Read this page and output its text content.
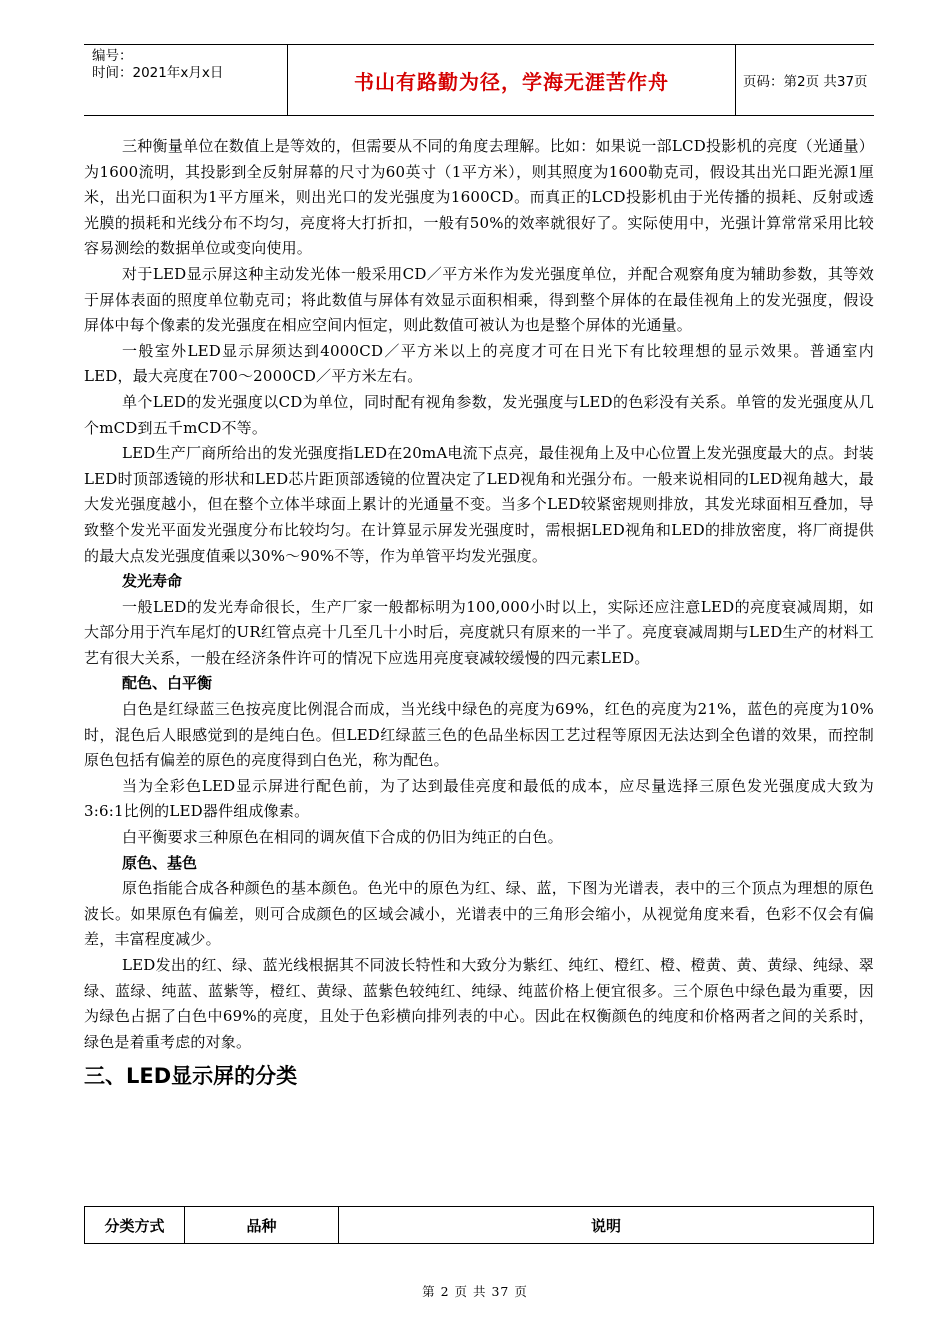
编号：
时间：2021年x月x日	书山有路勤为径，学海无涯苦作舟	页码：第2页 共37页

三种衡量单位在数值上是等效的，但需要从不同的角度去理解。比如：如果说一部LCD投影机的亮度（光通量）为1600流明，其投影到全反射屏幕的尺寸为60英寸（1平方米），则其照度为1600勒克司，假设其出光口距光源1厘米，出光口面积为1平方厘米，则出光口的发光强度为1600CD。而真正的LCD投影机由于光传播的损耗、反射或透光膜的损耗和光线分布不均匀，亮度将大打折扣，一般有50%的效率就很好了。实际使用中，光强计算常常采用比较容易测绘的数据单位或变向使用。

对于LED显示屏这种主动发光体一般采用CD／平方米作为发光强度单位，并配合观察角度为辅助参数，其等效于屏体表面的照度单位勒克司；将此数值与屏体有效显示面积相乘，得到整个屏体的在最佳视角上的发光强度，假设屏体中每个像素的发光强度在相应空间内恒定，则此数值可被认为也是整个屏体的光通量。

一般室外LED显示屏须达到4000CD／平方米以上的亮度才可在日光下有比较理想的显示效果。普通室内LED，最大亮度在700～2000CD／平方米左右。

单个LED的发光强度以CD为单位，同时配有视角参数，发光强度与LED的色彩没有关系。单管的发光强度从几个mCD到五千mCD不等。

LED生产厂商所给出的发光强度指LED在20mA电流下点亮，最佳视角上及中心位置上发光强度最大的点。封装LED时顶部透镜的形状和LED芯片距顶部透镜的位置决定了LED视角和光强分布。一般来说相同的LED视角越大，最大发光强度越小，但在整个立体半球面上累计的光通量不变。当多个LED较紧密规则排放，其发光球面相互叠加，导致整个发光平面发光强度分布比较均匀。在计算显示屏发光强度时，需根据LED视角和LED的排放密度，将厂商提供的最大点发光强度值乘以30%～90%不等，作为单管平均发光强度。

发光寿命

一般LED的发光寿命很长，生产厂家一般都标明为100,000小时以上，实际还应注意LED的亮度衰减周期，如大部分用于汽车尾灯的UR红管点亮十几至几十小时后，亮度就只有原来的一半了。亮度衰减周期与LED生产的材料工艺有很大关系，一般在经济条件许可的情况下应选用亮度衰减较缓慢的四元素LED。

配色、白平衡

白色是红绿蓝三色按亮度比例混合而成，当光线中绿色的亮度为69%，红色的亮度为21%，蓝色的亮度为10%时，混色后人眼感觉到的是纯白色。但LED红绿蓝三色的色品坐标因工艺过程等原因无法达到全色谱的效果，而控制原色包括有偏差的原色的亮度得到白色光，称为配色。

当为全彩色LED显示屏进行配色前，为了达到最佳亮度和最低的成本，应尽量选择三原色发光强度成大致为3:6:1比例的LED器件组成像素。

白平衡要求三种原色在相同的调灰值下合成的仍旧为纯正的白色。

原色、基色

原色指能合成各种颜色的基本颜色。色光中的原色为红、绿、蓝，下图为光谱表，表中的三个顶点为理想的原色波长。如果原色有偏差，则可合成颜色的区域会减小，光谱表中的三角形会缩小，从视觉角度来看，色彩不仅会有偏差，丰富程度减少。

LED发出的红、绿、蓝光线根据其不同波长特性和大致分为紫红、纯红、橙红、橙、橙黄、黄、黄绿、纯绿、翠绿、蓝绿、纯蓝、蓝紫等，橙红、黄绿、蓝紫色较纯红、纯绿、纯蓝价格上便宜很多。三个原色中绿色最为重要，因为绿色占据了白色中69%的亮度，且处于色彩横向排列表的中心。因此在权衡颜色的纯度和价格两者之间的关系时，绿色是着重考虑的对象。

三、LED显示屏的分类
分类方式	品种	说明
第 2 页 共 37 页
